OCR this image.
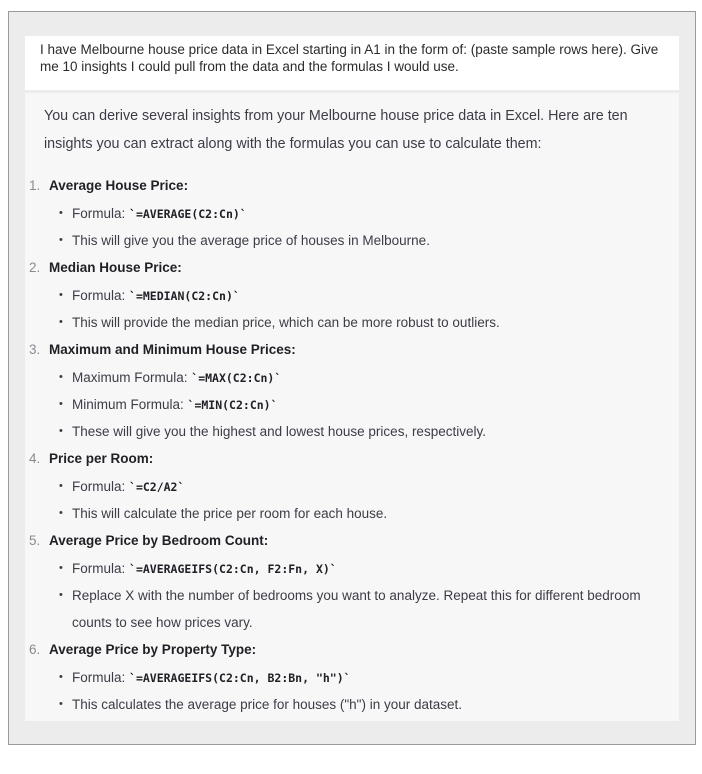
I have Melbourne house price data in Excel starting in A1 in the form of: (paste sample rows here). Give me 10 insights I could pull from the data and the formulas I would use.
You can derive several insights from your Melbourne house price data in Excel. Here are ten insights you can extract along with the formulas you can use to calculate them:
1. Average House Price:
• Formula: `=AVERAGE(C2:Cn)`
• This will give you the average price of houses in Melbourne.
2. Median House Price:
• Formula: `=MEDIAN(C2:Cn)`
• This will provide the median price, which can be more robust to outliers.
3. Maximum and Minimum House Prices:
• Maximum Formula: `=MAX(C2:Cn)`
• Minimum Formula: `=MIN(C2:Cn)`
• These will give you the highest and lowest house prices, respectively.
4. Price per Room:
• Formula: `=C2/A2`
• This will calculate the price per room for each house.
5. Average Price by Bedroom Count:
• Formula: `=AVERAGEIFS(C2:Cn, F2:Fn, X)`
• Replace X with the number of bedrooms you want to analyze. Repeat this for different bedroom counts to see how prices vary.
6. Average Price by Property Type:
• Formula: `=AVERAGEIFS(C2:Cn, B2:Bn, "h")`
• This calculates the average price for houses ("h") in your dataset.
